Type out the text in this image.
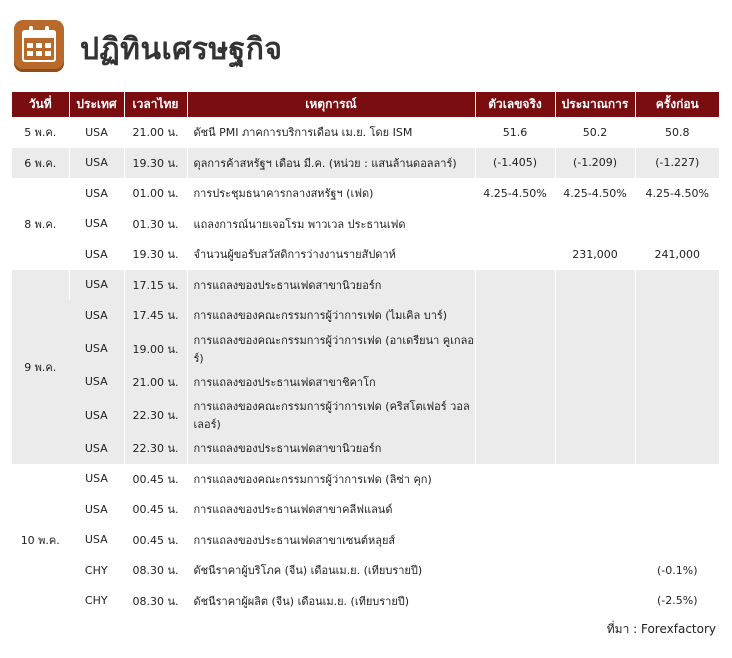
ปฏิทินเศรษฐกิจ
วันที่	ประเทศ	เวลาไทย	เหตุการณ์	ตัวเลขจริง	ประมาณการ	ครั้งก่อน
5 พ.ค.	USA	21.00 น.	ดัชนี PMI ภาคการบริการเดือน เม.ย. โดย ISM	51.6	50.2	50.8
6 พ.ค.	USA	19.30 น.	ดุลการค้าสหรัฐฯ เดือน มี.ค. (หน่วย : แสนล้านดอลลาร์)	(-1.405)	(-1.209)	(-1.227)
8 พ.ค.	USA	01.00 น.	การประชุมธนาคารกลางสหรัฐฯ (เฟด)	4.25-4.50%	4.25-4.50%	4.25-4.50%
	USA	01.30 น.	แถลงการณ์นายเจอโรม พาวเวล ประธานเฟด			
	USA	19.30 น.	จำนวนผู้ขอรับสวัสดิการว่างงานรายสัปดาห์		231,000	241,000
9 พ.ค.	USA	17.15 น.	การแถลงของประธานเฟดสาขานิวยอร์ก			
	USA	17.45 น.	การแถลงของคณะกรรมการผู้ว่าการเฟด (ไมเคิล บาร์)			
	USA	19.00 น.	การแถลงของคณะกรรมการผู้ว่าการเฟด (อาเดรียนา คูเกลอร์)			
	USA	21.00 น.	การแถลงของประธานเฟดสาขาชิคาโก			
	USA	22.30 น.	การแถลงของคณะกรรมการผู้ว่าการเฟด (คริสโตเฟอร์ วอลเลอร์)			
	USA	22.30 น.	การแถลงของประธานเฟดสาขานิวยอร์ก			
10 พ.ค.	USA	00.45 น.	การแถลงของคณะกรรมการผู้ว่าการเฟด (ลิซ่า คุก)			
	USA	00.45 น.	การแถลงของประธานเฟดสาขาคลีฟแลนด์			
	USA	00.45 น.	การแถลงของประธานเฟดสาขาเซนต์หลุยส์			
	CHY	08.30 น.	ดัชนีราคาผู้บริโภค (จีน) เดือนเม.ย. (เทียบรายปี)			(-0.1%)
	CHY	08.30 น.	ดัชนีราคาผู้ผลิต (จีน) เดือนเม.ย. (เทียบรายปี)			(-2.5%)
ที่มา : Forexfactory
